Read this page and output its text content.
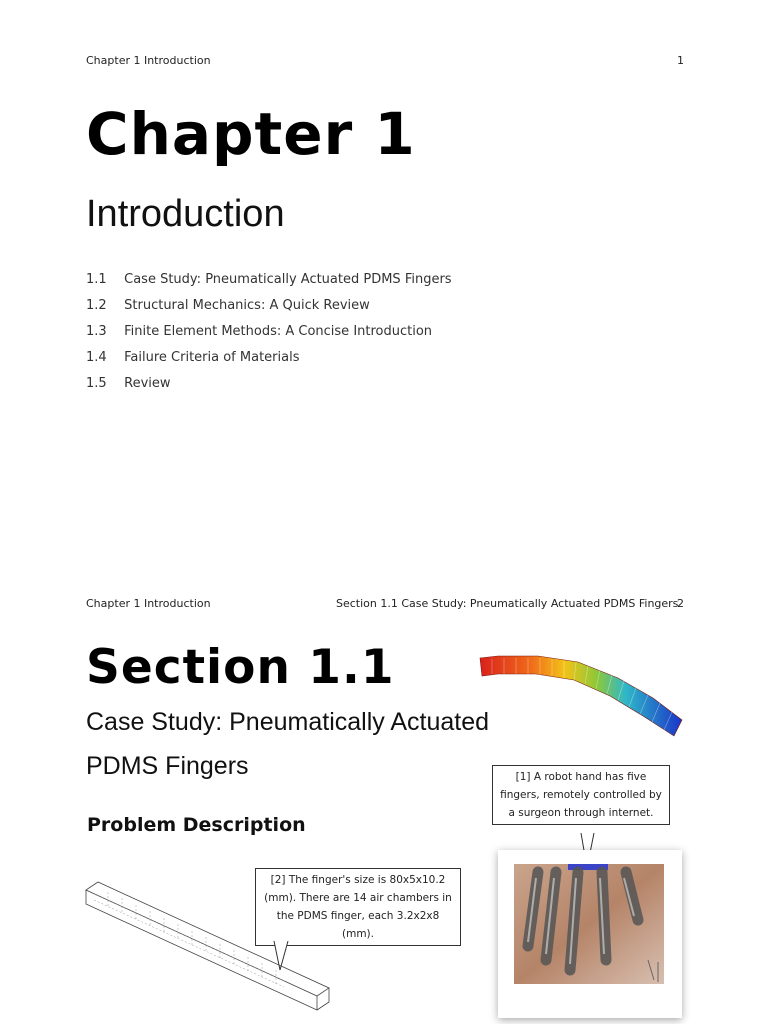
Chapter 1 Introduction	1
Chapter 1
Introduction
1.1 Case Study: Pneumatically Actuated PDMS Fingers
1.2 Structural Mechanics: A Quick Review
1.3 Finite Element Methods: A Concise Introduction
1.4 Failure Criteria of Materials
1.5 Review
Chapter 1 Introduction	Section 1.1 Case Study: Pneumatically Actuated PDMS Fingers
2
Section 1.1
Case Study: Pneumatically Actuated
PDMS Fingers
Problem Description
[1] A robot hand has five fingers, remotely controlled by a surgeon through internet.
[2] The finger's size is 80x5x10.2 (mm). There are 14 air chambers in the PDMS finger, each 3.2x2x8 (mm).
